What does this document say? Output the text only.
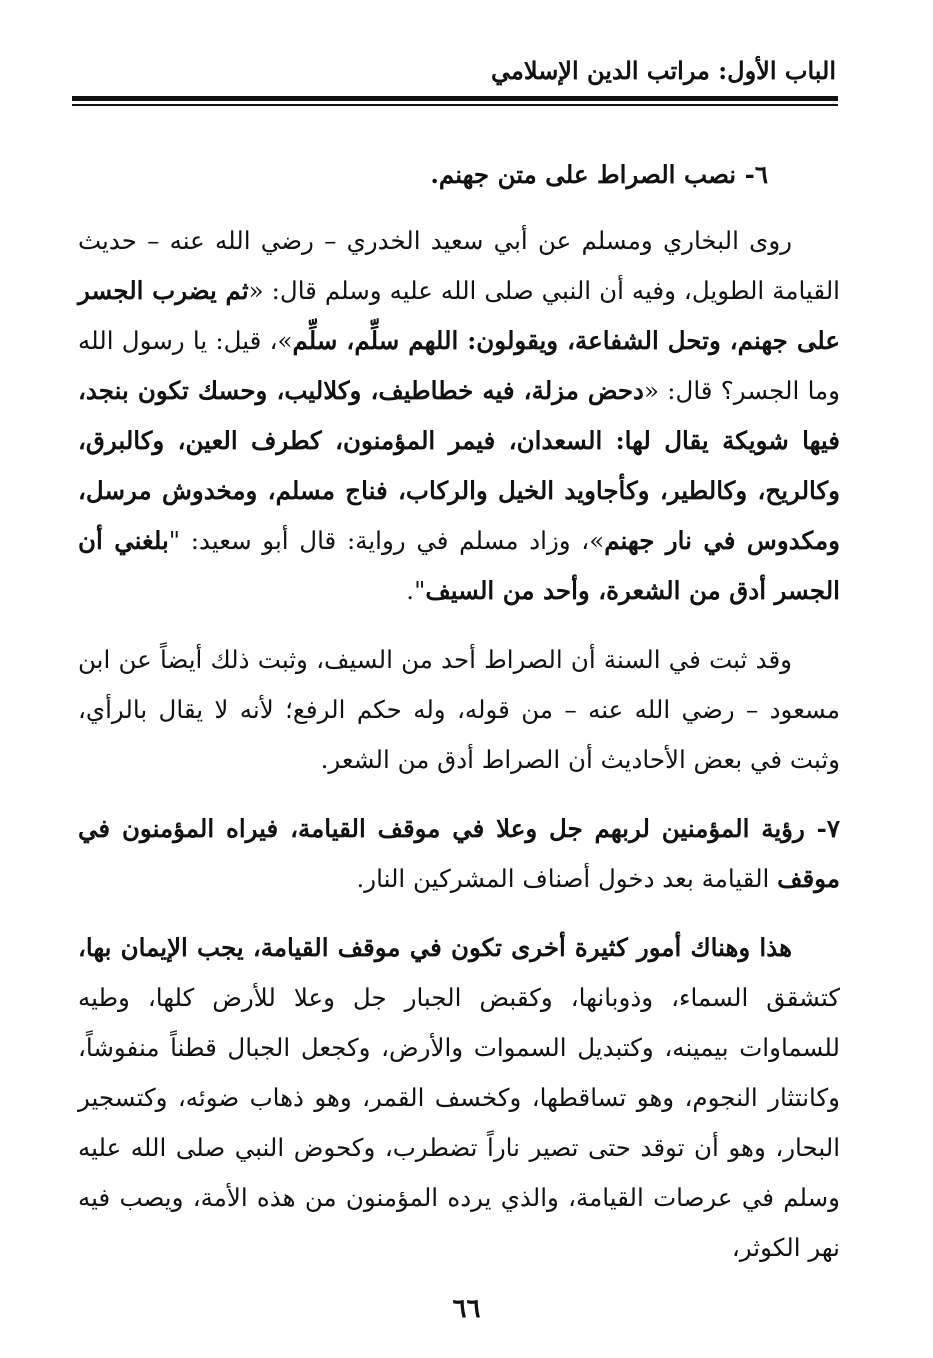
الباب الأول: مراتب الدين الإسلامي

٦- نصب الصراط على متن جهنم.

روى البخاري ومسلم عن أبي سعيد الخدري – رضي الله عنه – حديث القيامة الطويل، وفيه أن النبي صلى الله عليه وسلم قال: «ثم يضرب الجسر على جهنم، وتحل الشفاعة، ويقولون: اللهم سلِّم، سلِّم»، قيل: يا رسول الله وما الجسر؟ قال: «دحض مزلة، فيه خطاطيف، وكلاليب، وحسك تكون بنجد، فيها شويكة يقال لها: السعدان، فيمر المؤمنون، كطرف العين، وكالبرق، وكالريح، وكالطير، وكأجاويد الخيل والركاب، فناج مسلم، ومخدوش مرسل، ومكدوس في نار جهنم»، وزاد مسلم في رواية: قال أبو سعيد: "بلغني أن الجسر أدق من الشعرة، وأحد من السيف".

وقد ثبت في السنة أن الصراط أحد من السيف، وثبت ذلك أيضاً عن ابن مسعود – رضي الله عنه – من قوله، وله حكم الرفع؛ لأنه لا يقال بالرأي، وثبت في بعض الأحاديث أن الصراط أدق من الشعر.

٧- رؤية المؤمنين لربهم جل وعلا في موقف القيامة، فيراه المؤمنون في موقف القيامة بعد دخول أصناف المشركين النار.

هذا وهناك أمور كثيرة أخرى تكون في موقف القيامة، يجب الإيمان بها، كتشقق السماء، وذوبانها، وكقبض الجبار جل وعلا للأرض كلها، وطيه للسماوات بيمينه، وكتبديل السموات والأرض، وكجعل الجبال قطناً منفوشاً، وكانتثار النجوم، وهو تساقطها، وكخسف القمر، وهو ذهاب ضوئه، وكتسجير البحار، وهو أن توقد حتى تصير ناراً تضطرب، وكحوض النبي صلى الله عليه وسلم في عرصات القيامة، والذي يرده المؤمنون من هذه الأمة، ويصب فيه نهر الكوثر،

٦٦
